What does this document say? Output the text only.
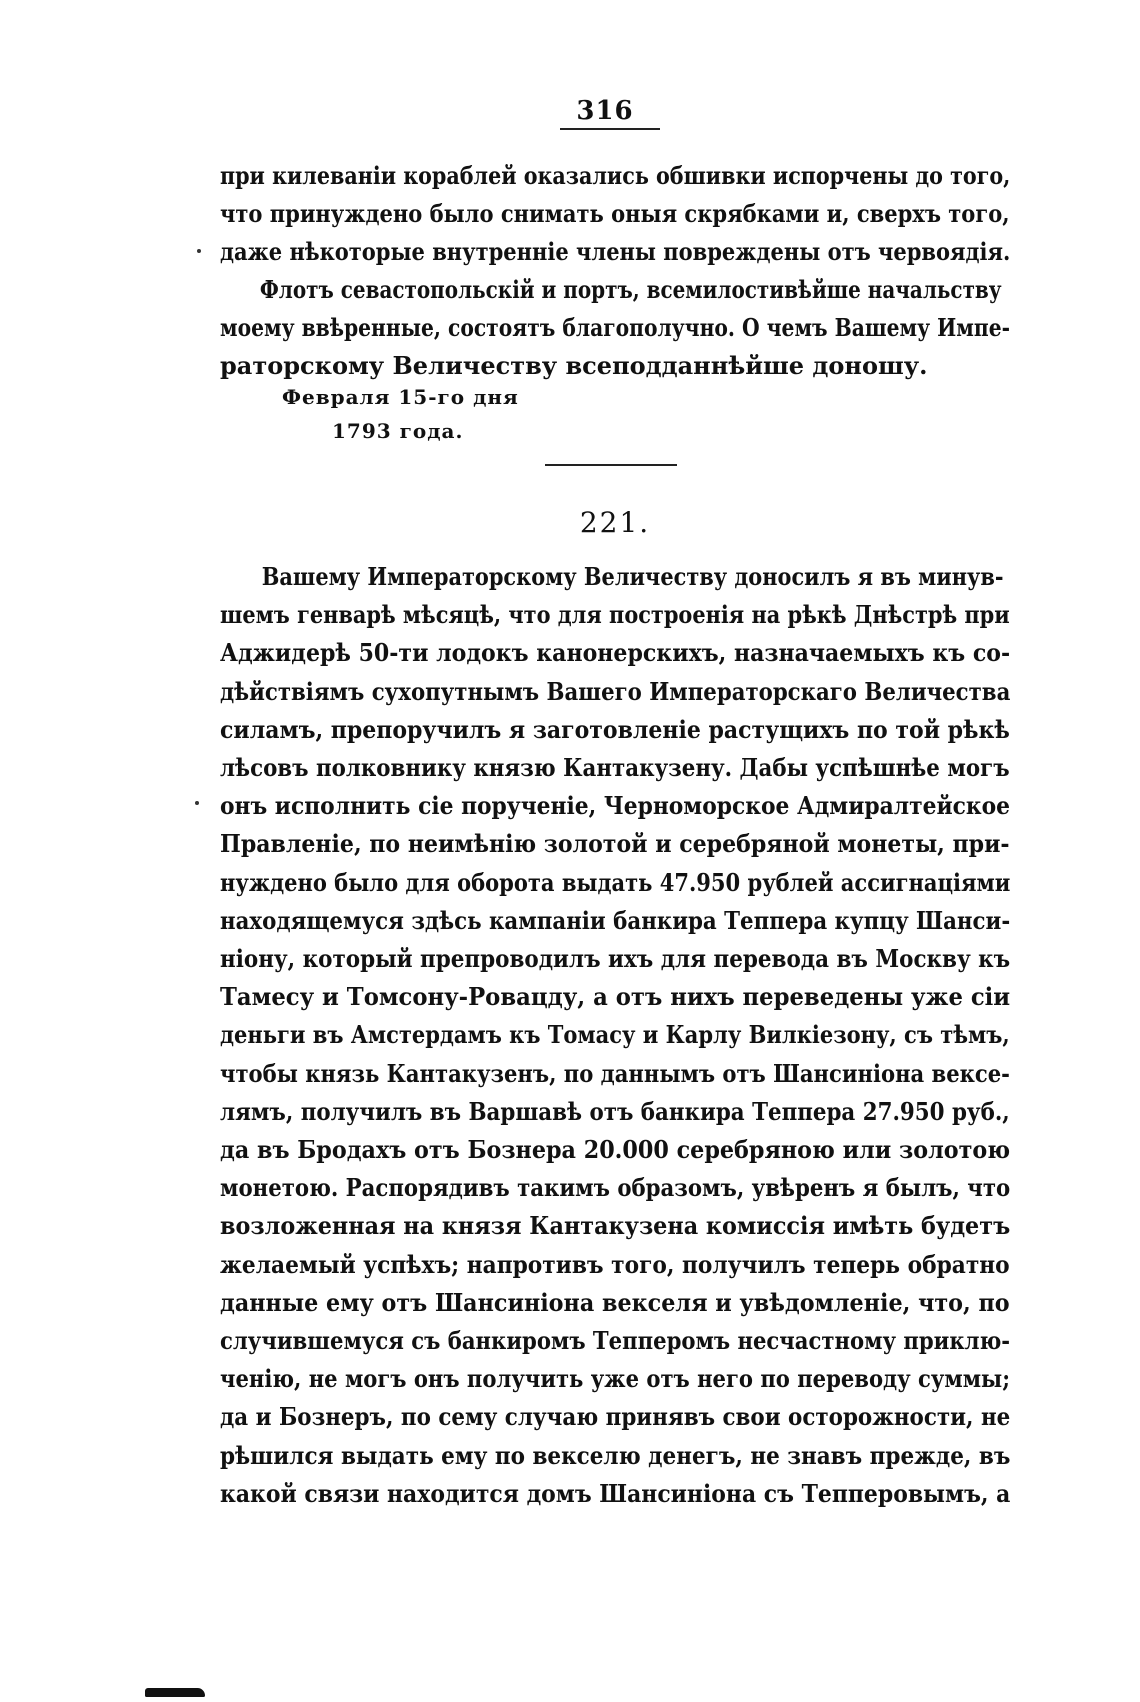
316
при килеваніи кораблей оказались обшивки испорчены до того,
что принуждено было снимать оныя скрябками и, сверхъ того,
даже нѣкоторые внутренніе члены повреждены отъ червоядія.
Флотъ севастопольскій и портъ, всемилостивѣйше начальству
моему ввѣренные, состоятъ благополучно. О чемъ Вашему Импе-
раторскому Величеству всеподданнѣйше доношу.
Февраля 15-го дня
1793 года.
221.
Вашему Императорскому Величеству доносилъ я въ минув-
шемъ генварѣ мѣсяцѣ, что для построенія на рѣкѣ Днѣстрѣ при
Аджидерѣ 50-ти лодокъ канонерскихъ, назначаемыхъ къ со-
дѣйствіямъ сухопутнымъ Вашего Императорскаго Величества
силамъ, препоручилъ я заготовленіе растущихъ по той рѣкѣ
лѣсовъ полковнику князю Кантакузену. Дабы успѣшнѣе могъ
онъ исполнить сіе порученіе, Черноморское Адмиралтейское
Правленіе, по неимѣнію золотой и серебряной монеты, при-
нуждено было для оборота выдать 47.950 рублей ассигнаціями
находящемуся здѣсь кампаніи банкира Теппера купцу Шанси-
ніону, который препроводилъ ихъ для перевода въ Москву къ
Тамесу и Томсону-Ровацду, а отъ нихъ переведены уже сіи
деньги въ Амстердамъ къ Томасу и Карлу Вилкіезону, съ тѣмъ,
чтобы князь Кантакузенъ, по даннымъ отъ Шансиніона вексе-
лямъ, получилъ въ Варшавѣ отъ банкира Теппера 27.950 руб.,
да въ Бродахъ отъ Бознера 20.000 серебряною или золотою
монетою. Распорядивъ такимъ образомъ, увѣренъ я былъ, что
возложенная на князя Кантакузена комиссія имѣть будетъ
желаемый успѣхъ; напротивъ того, получилъ теперь обратно
данные ему отъ Шансиніона векселя и увѣдомленіе, что, по
случившемуся съ банкиромъ Тепперомъ несчастному приклю-
ченію, не могъ онъ получить уже отъ него по переводу суммы;
да и Бознеръ, по сему случаю принявъ свои осторожности, не
рѣшился выдать ему по векселю денегъ, не знавъ прежде, въ
какой связи находится домъ Шансиніона съ Тепперовымъ, а
